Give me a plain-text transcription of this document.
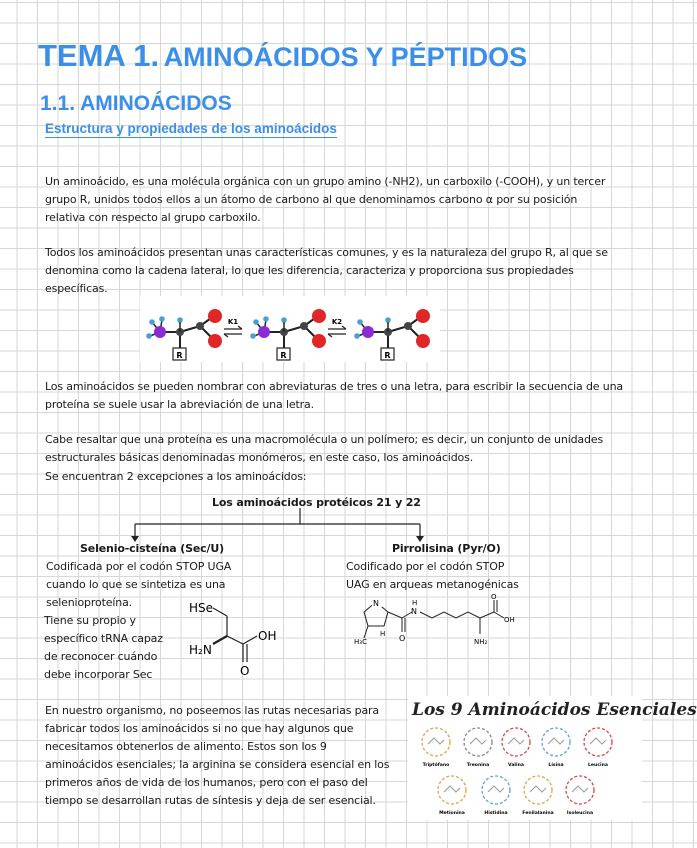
TEMA 1. AMINOÁCIDOS Y PÉPTIDOS
1.1. AMINOÁCIDOS
Estructura y propiedades de los aminoácidos
Un aminoácido, es una molécula orgánica con un grupo amino (-NH2), un carboxilo (-COOH), y un tercer
grupo R, unidos todos ellos a un átomo de carbono al que denominamos carbono α por su posición
relativa con respecto al grupo carboxilo.
Todos los aminoácidos presentan unas características comunes, y es la naturaleza del grupo R, al que se
denomina como la cadena lateral, lo que les diferencia, caracteriza y proporciona sus propiedades
específicas.
R	R	R
K1	K2
Los aminoácidos se pueden nombrar con abreviaturas de tres o una letra, para escribir la secuencia de una
proteína se suele usar la abreviación de una letra.
Cabe resaltar que una proteína es una macromolécula o un polímero; es decir, un conjunto de unidades
estructurales básicas denominadas monómeros, en este caso, los aminoácidos.
Se encuentran 2 excepciones a los aminoácidos:
Los aminoácidos protéicos 21 y 22
Selenio-cisteína (Sec/U)
Codificada por el codón STOP UGA
cuando lo que se sintetiza es una
selenioproteína.
Tiene su propio y
específico tRNA capaz
de reconocer cuándo
debe incorporar Sec
HSe
H₂N
OH
O
Pirrolisina (Pyr/O)
Codificado por el codón STOP
UAG en arqueas metanogénicas
N
H₃C
H O
N
H
NH₂
O
OH
En nuestro organismo, no poseemos las rutas necesarias para
fabricar todos los aminoácidos si no que hay algunos que
necesitamos obtenerlos de alimento. Estos son los 9
aminoácidos esenciales; la arginina se considera esencial en los
primeros años de vida de los humanos, pero con el paso del
tiempo se desarrollan rutas de síntesis y deja de ser esencial.
Los 9 Aminoácidos Esenciales
Triptófano	Treonina	Valina	Lisina	Leucina
Metionina	Histidina	Fenilalanina	Isoleucina
